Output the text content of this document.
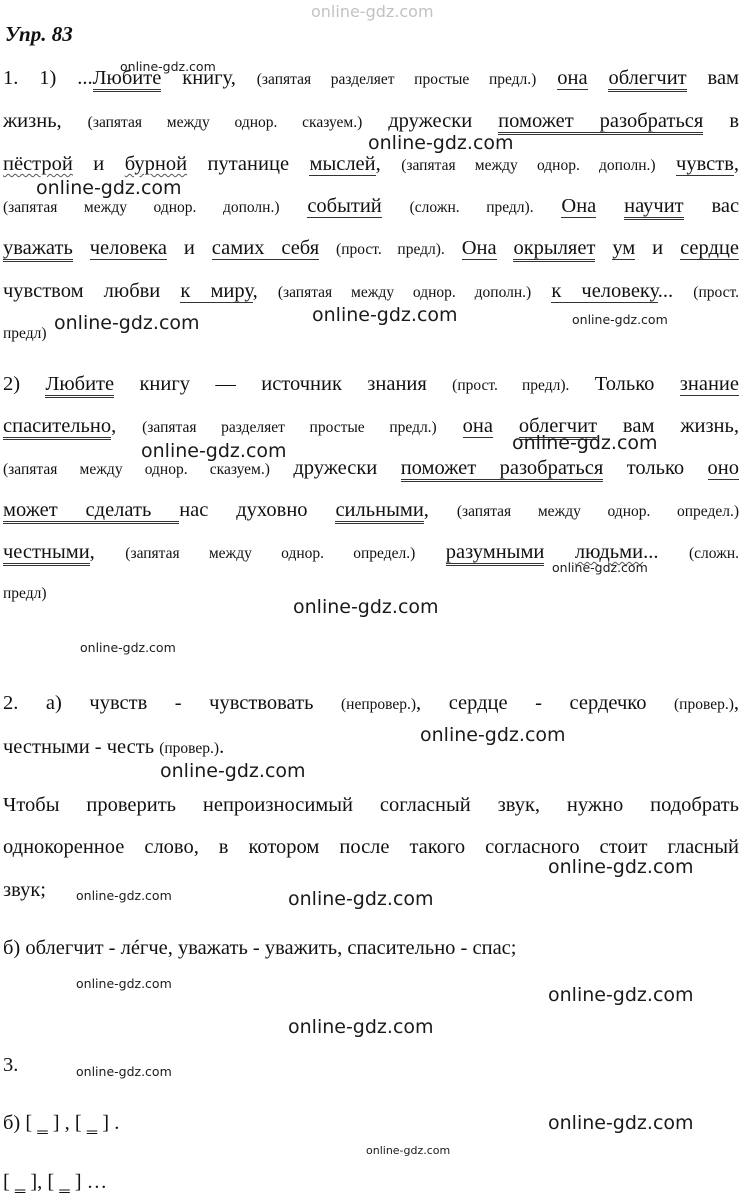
online-gdz.com
Упр. 83
1. 1) ...Любите книгу, (запятая разделяет простые предл.) она облегчит вам
жизнь, (запятая между однор. сказуем.) дружески поможет разобраться в
пёстрой и бурной путанице мыслей, (запятая между однор. дополн.) чувств,
(запятая между однор. дополн.) событий (сложн. предл). Она научит вас
уважать человека и самих себя (прост. предл). Она окрыляет ум и сердце
чувством любви к миру, (запятая между однор. дополн.) к человеку... (прост.
предл)
2) Любите книгу — источник знания (прост. предл). Только знание
спасительно, (запятая разделяет простые предл.) она облегчит вам жизнь,
(запятая между однор. сказуем.) дружески поможет разобраться только оно
может сделать нас духовно сильными, (запятая между однор. определ.)
честными, (запятая между однор. определ.) разумными людьми... (сложн.
предл)
2. а) чувств - чувствовать (непровер.), сердце - сердечко (провер.),
честными - честь (провер.).
Чтобы проверить непроизносимый согласный звук, нужно подобрать
однокоренное слово, в котором после такого согласного стоит гласный
звук;
б) облегчит - лéгче, уважать - уважить, спасительно - спас;
3.
б) [ ‗ ] , [ ‗ ] .
[ ‗ ], [ ‗ ] …
online-gdz.com
online-gdz.com
online-gdz.com
online-gdz.com	online-gdz.com	online-gdz.com
online-gdz.com	online-gdz.com
online-gdz.com
online-gdz.com
online-gdz.com
online-gdz.com
online-gdz.com
online-gdz.com
online-gdz.com
online-gdz.com
online-gdz.com
online-gdz.com
online-gdz.com
online-gdz.com
online-gdz.com
online-gdz.com
